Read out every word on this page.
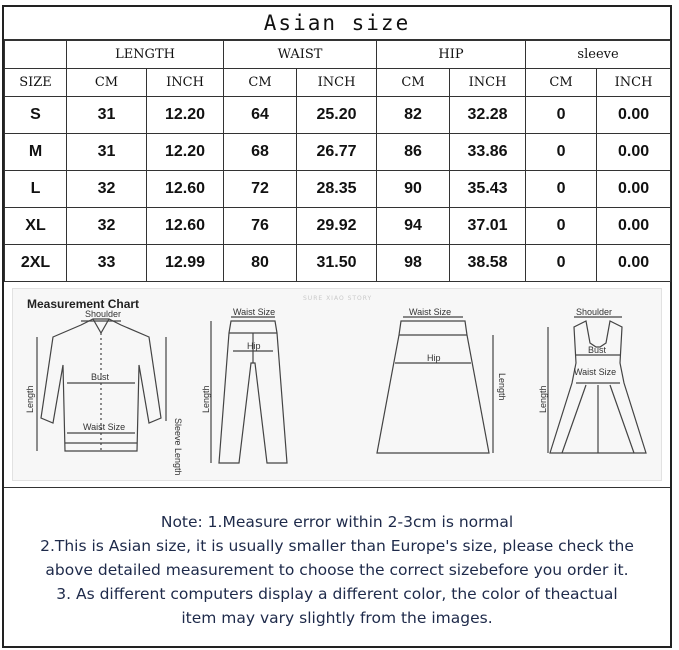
Asian size
	LENGTH		WAIST		HIP		sleeve	
SIZE	CM	INCH	CM	INCH	CM	INCH	CM	INCH
S	31	12.20	64	25.20	82	32.28	0	0.00
M	31	12.20	68	26.77	86	33.86	0	0.00
L	32	12.60	72	28.35	90	35.43	0	0.00
XL	32	12.60	76	29.92	94	37.01	0	0.00
2XL	33	12.99	80	31.50	98	38.58	0	0.00
Measurement Chart	SURE XIAO STORY
Shoulder
Bust
Waist Size
Length
Sleeve Length
Waist Size
Hip
Length
Waist Size
Hip
Length
Shoulder
Bust
Waist Size
Length
Note: 1.Measure error within 2-3cm is normal
2.This is Asian size, it is usually smaller than Europe's size, please check the
above detailed measurement to choose the correct sizebefore you order it.
3. As different computers display a different color, the color of theactual
item may vary slightly from the images.
